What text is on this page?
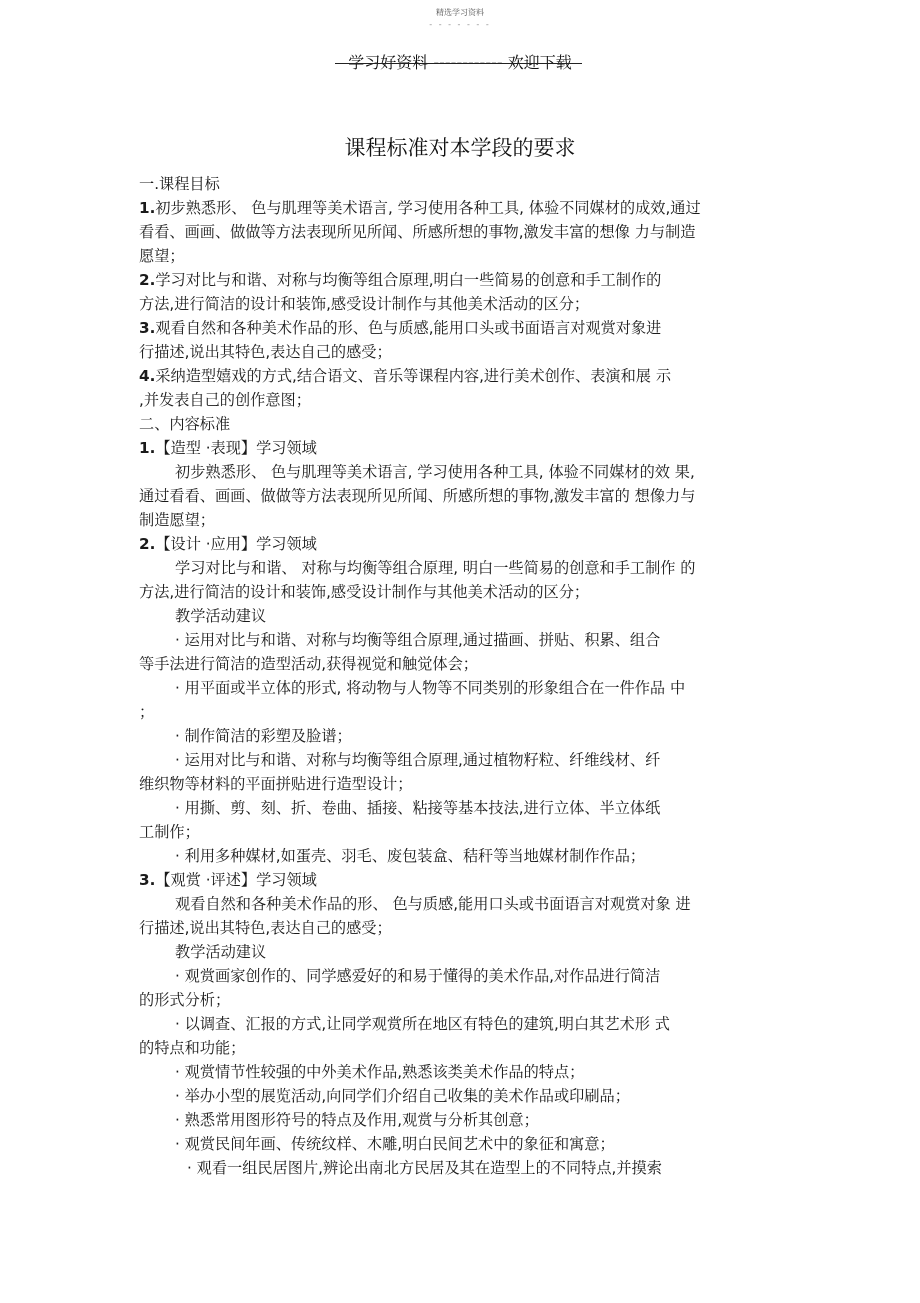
精选学习资料
- - - - - - -
学习好资料 ------------ 欢迎下载
课程标准对本学段的要求
一.课程目标
1.初步熟悉形、 色与肌理等美术语言, 学习使用各种工具, 体验不同媒材的成效,通过
看看、画画、做做等方法表现所见所闻、所感所想的事物,激发丰富的想像 力与制造
愿望；
2.学习对比与和谐、对称与均衡等组合原理,明白一些简易的创意和手工制作的
方法,进行简洁的设计和装饰,感受设计制作与其他美术活动的区分；
3.观看自然和各种美术作品的形、色与质感,能用口头或书面语言对观赏对象进
行描述,说出其特色,表达自己的感受；
4.采纳造型嬉戏的方式,结合语文、音乐等课程内容,进行美术创作、表演和展 示
,并发表自己的创作意图；
二、内容标准
1.【造型 ·表现】学习领域
初步熟悉形、 色与肌理等美术语言, 学习使用各种工具, 体验不同媒材的效 果,
通过看看、画画、做做等方法表现所见所闻、所感所想的事物,激发丰富的 想像力与
制造愿望；
2.【设计 ·应用】学习领域
学习对比与和谐、 对称与均衡等组合原理, 明白一些简易的创意和手工制作 的
方法,进行简洁的设计和装饰,感受设计制作与其他美术活动的区分；
教学活动建议
· 运用对比与和谐、对称与均衡等组合原理,通过描画、拼贴、积累、组合
等手法进行简洁的造型活动,获得视觉和触觉体会；
· 用平面或半立体的形式, 将动物与人物等不同类别的形象组合在一件作品 中
；
· 制作简洁的彩塑及脸谱；
· 运用对比与和谐、对称与均衡等组合原理,通过植物籽粒、纤维线材、纤
维织物等材料的平面拼贴进行造型设计；
· 用撕、剪、刻、折、卷曲、插接、粘接等基本技法,进行立体、半立体纸
工制作；
· 利用多种媒材,如蛋壳、羽毛、废包装盒、秸秆等当地媒材制作作品；
3.【观赏 ·评述】学习领域
观看自然和各种美术作品的形、 色与质感,能用口头或书面语言对观赏对象 进
行描述,说出其特色,表达自己的感受；
教学活动建议
· 观赏画家创作的、同学感爱好的和易于懂得的美术作品,对作品进行简洁
的形式分析；
· 以调查、汇报的方式,让同学观赏所在地区有特色的建筑,明白其艺术形 式
的特点和功能；
· 观赏情节性较强的中外美术作品,熟悉该类美术作品的特点；
· 举办小型的展览活动,向同学们介绍自己收集的美术作品或印刷品；
· 熟悉常用图形符号的特点及作用,观赏与分析其创意；
· 观赏民间年画、传统纹样、木雕,明白民间艺术中的象征和寓意；
· 观看一组民居图片,辨论出南北方民居及其在造型上的不同特点,并摸索
